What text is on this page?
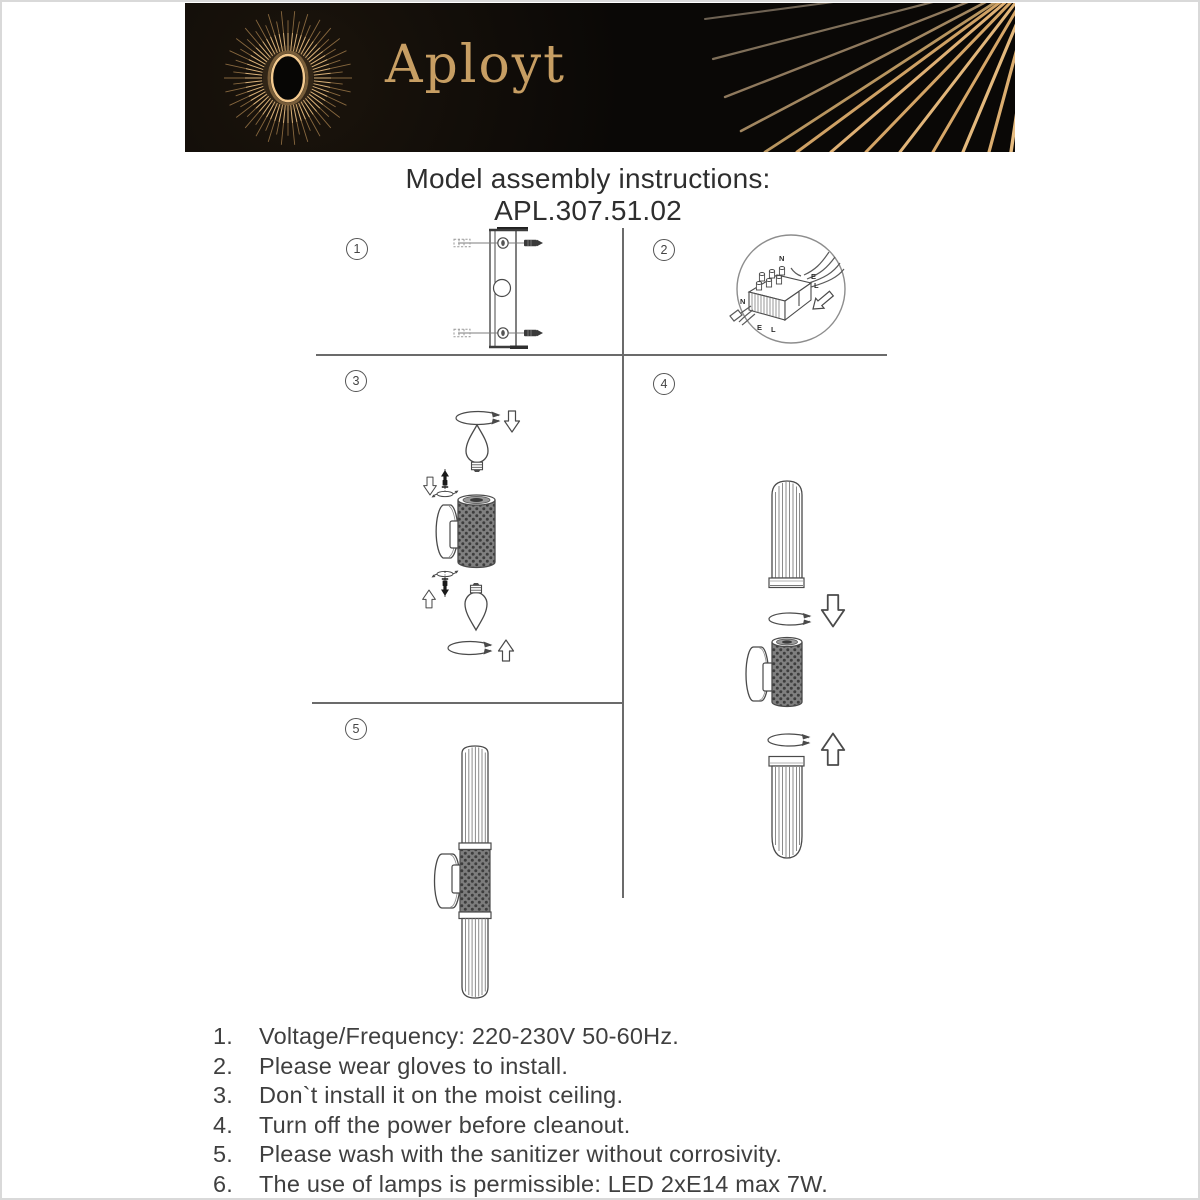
Aployt
Model assembly instructions:
APL.307.51.02
1	2
3	4
5
N
E
L
N
E L
1.	Voltage/Frequency: 220-230V 50-60Hz.
2.	Please wear gloves to install.
3.	Don`t install it on the moist ceiling.
4.	Turn off the power before cleanout.
5.	Please wash with the sanitizer without corrosivity.
6.	The use of lamps is permissible: LED 2xE14 max 7W.
